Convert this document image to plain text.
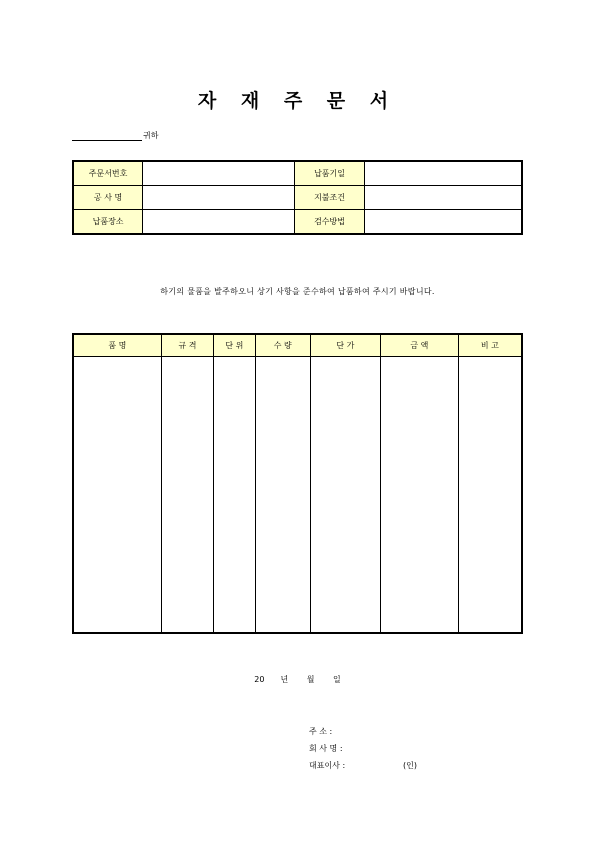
자 재 주 문 서
귀하
주문서번호		납품기일	
공 사 명		지불조건	
납품장소		검수방법	
하기의 물품을 발주하오니 상기 사항을 준수하여 납품하여 주시기 바랍니다.
품 명	규 격	단 위	수 량	단 가	금 액	비 고

20 년 월 일
주 소 :
회 사 명 :
대표이사 :	(인)
